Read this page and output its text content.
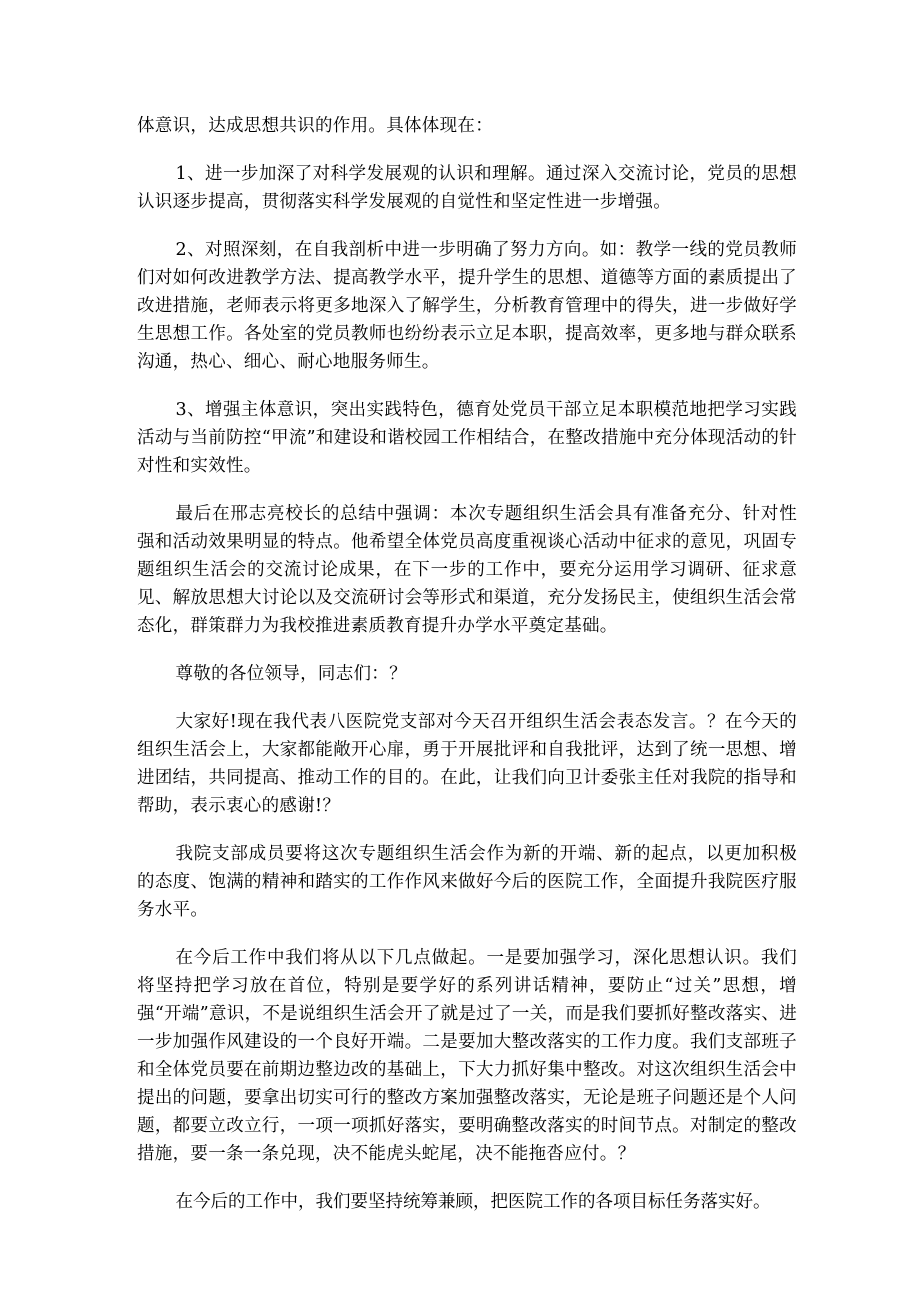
体意识，达成思想共识的作用。具体体现在：

1、进一步加深了对科学发展观的认识和理解。通过深入交流讨论，党员的思想认识逐步提高，贯彻落实科学发展观的自觉性和坚定性进一步增强。

2、对照深刻，在自我剖析中进一步明确了努力方向。如：教学一线的党员教师们对如何改进教学方法、提高教学水平，提升学生的思想、道德等方面的素质提出了改进措施，老师表示将更多地深入了解学生，分析教育管理中的得失，进一步做好学生思想工作。各处室的党员教师也纷纷表示立足本职，提高效率，更多地与群众联系沟通，热心、细心、耐心地服务师生。

3、增强主体意识，突出实践特色，德育处党员干部立足本职模范地把学习实践活动与当前防控“甲流”和建设和谐校园工作相结合，在整改措施中充分体现活动的针对性和实效性。

最后在邢志亮校长的总结中强调：本次专题组织生活会具有准备充分、针对性强和活动效果明显的特点。他希望全体党员高度重视谈心活动中征求的意见，巩固专题组织生活会的交流讨论成果，在下一步的工作中，要充分运用学习调研、征求意见、解放思想大讨论以及交流研讨会等形式和渠道，充分发扬民主，使组织生活会常态化，群策群力为我校推进素质教育提升办学水平奠定基础。

尊敬的各位领导，同志们：？

大家好!现在我代表八医院党支部对今天召开组织生活会表态发言。？在今天的组织生活会上，大家都能敞开心扉，勇于开展批评和自我批评，达到了统一思想、增进团结，共同提高、推动工作的目的。在此，让我们向卫计委张主任对我院的指导和帮助，表示衷心的感谢!？

我院支部成员要将这次专题组织生活会作为新的开端、新的起点，以更加积极的态度、饱满的精神和踏实的工作作风来做好今后的医院工作，全面提升我院医疗服务水平。

在今后工作中我们将从以下几点做起。一是要加强学习，深化思想认识。我们将坚持把学习放在首位，特别是要学好的系列讲话精神，要防止“过关”思想，增强“开端”意识，不是说组织生活会开了就是过了一关，而是我们要抓好整改落实、进一步加强作风建设的一个良好开端。二是要加大整改落实的工作力度。我们支部班子和全体党员要在前期边整边改的基础上，下大力抓好集中整改。对这次组织生活会中提出的问题，要拿出切实可行的整改方案加强整改落实，无论是班子问题还是个人问题，都要立改立行，一项一项抓好落实，要明确整改落实的时间节点。对制定的整改措施，要一条一条兑现，决不能虎头蛇尾，决不能拖沓应付。？

在今后的工作中，我们要坚持统筹兼顾，把医院工作的各项目标任务落实好。
